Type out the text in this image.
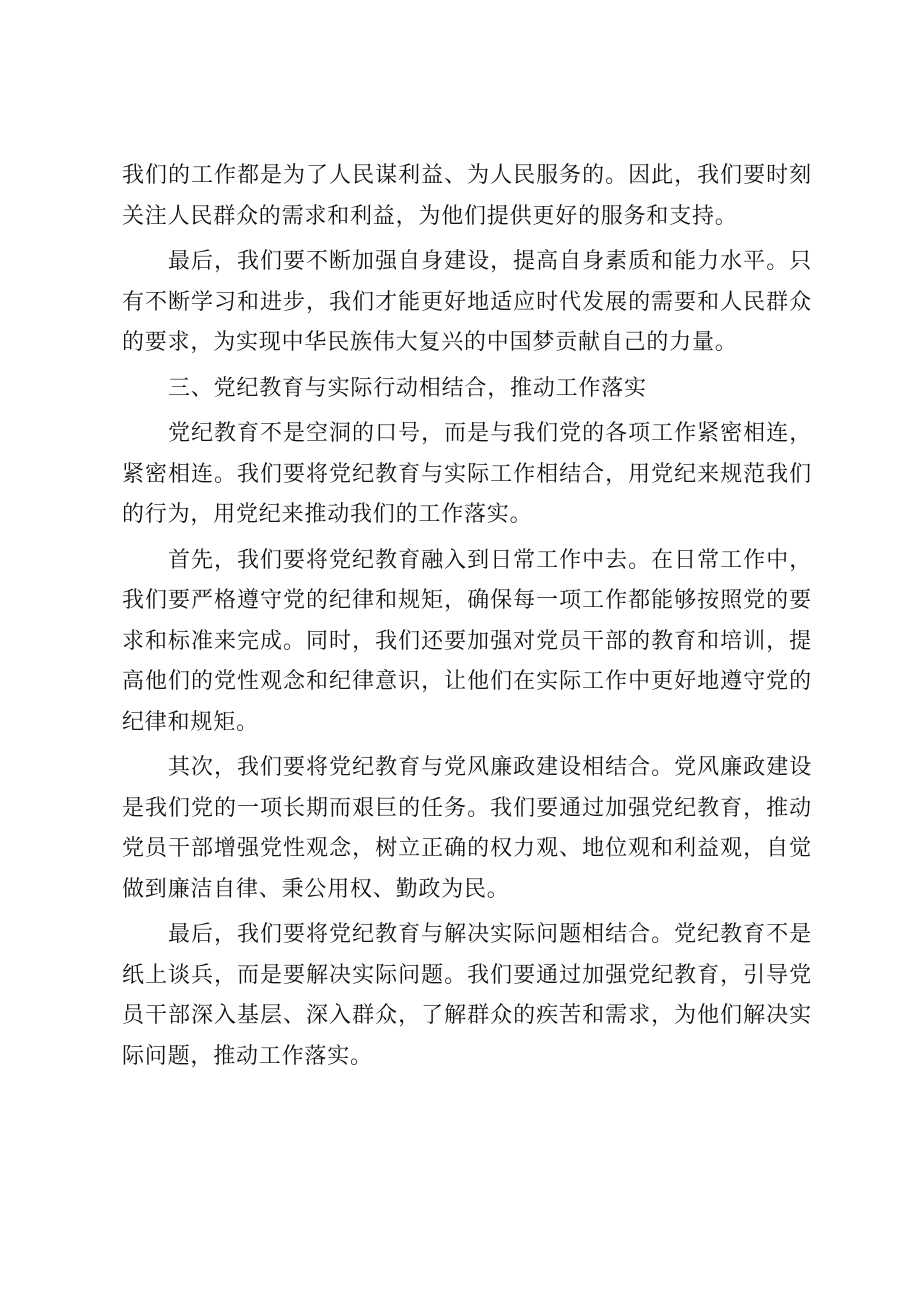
我们的工作都是为了人民谋利益、为人民服务的。因此，我们要时刻关注人民群众的需求和利益，为他们提供更好的服务和支持。

最后，我们要不断加强自身建设，提高自身素质和能力水平。只有不断学习和进步，我们才能更好地适应时代发展的需要和人民群众的要求，为实现中华民族伟大复兴的中国梦贡献自己的力量。

三、党纪教育与实际行动相结合，推动工作落实

党纪教育不是空洞的口号，而是与我们党的各项工作紧密相连，紧密相连。我们要将党纪教育与实际工作相结合，用党纪来规范我们的行为，用党纪来推动我们的工作落实。

首先，我们要将党纪教育融入到日常工作中去。在日常工作中，我们要严格遵守党的纪律和规矩，确保每一项工作都能够按照党的要求和标准来完成。同时，我们还要加强对党员干部的教育和培训，提高他们的党性观念和纪律意识，让他们在实际工作中更好地遵守党的纪律和规矩。

其次，我们要将党纪教育与党风廉政建设相结合。党风廉政建设是我们党的一项长期而艰巨的任务。我们要通过加强党纪教育，推动党员干部增强党性观念，树立正确的权力观、地位观和利益观，自觉做到廉洁自律、秉公用权、勤政为民。

最后，我们要将党纪教育与解决实际问题相结合。党纪教育不是纸上谈兵，而是要解决实际问题。我们要通过加强党纪教育，引导党员干部深入基层、深入群众，了解群众的疾苦和需求，为他们解决实际问题，推动工作落实。
